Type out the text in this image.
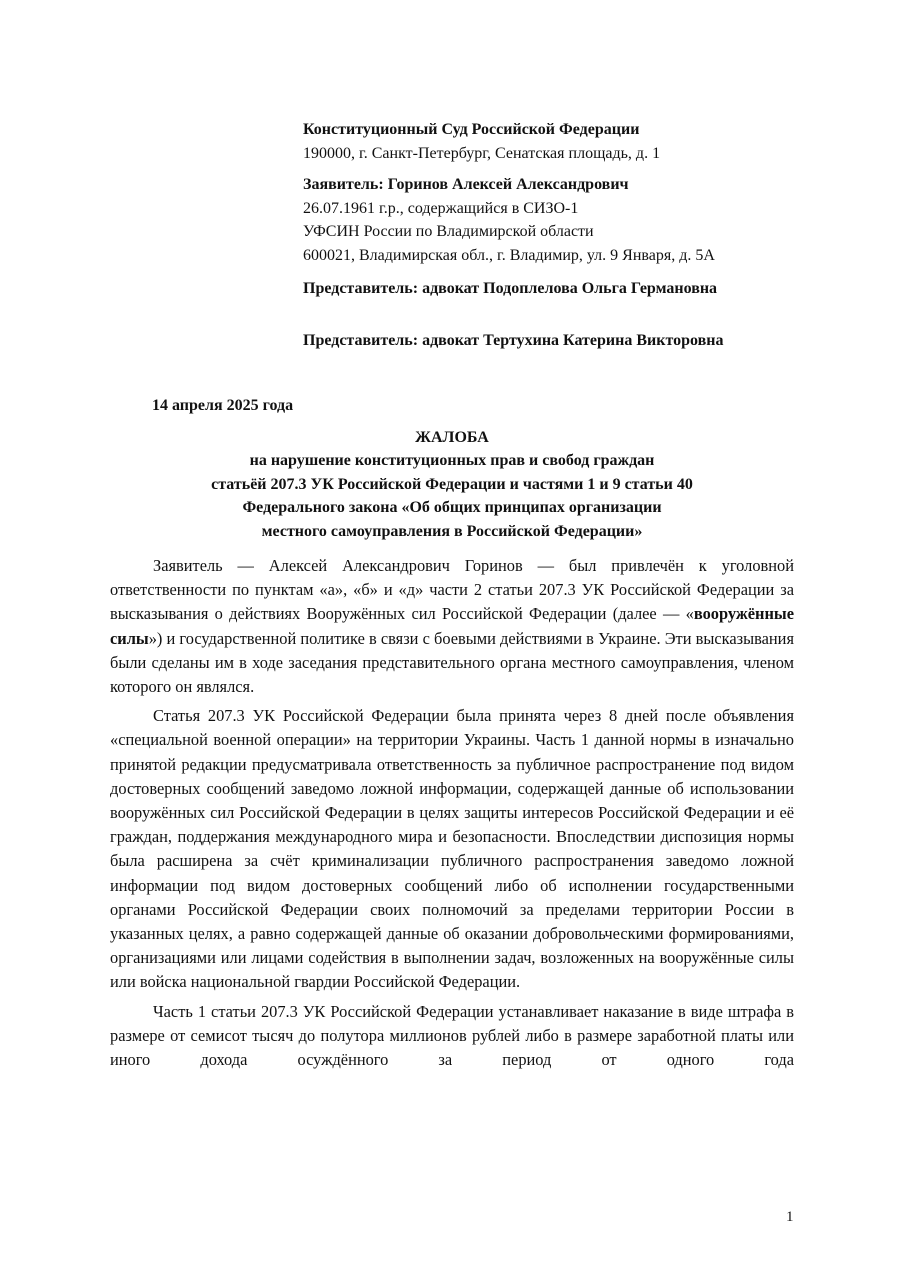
Конституционный Суд Российской Федерации
190000, г. Санкт-Петербург, Сенатская площадь, д. 1
Заявитель: Горинов Алексей Александрович
26.07.1961 г.р., содержащийся в СИЗО-1
УФСИН России по Владимирской области
600021, Владимирская обл., г. Владимир, ул. 9 Января, д. 5А
Представитель: адвокат Подоплелова Ольга Германовна
Представитель: адвокат Тертухина Катерина Викторовна
14 апреля 2025 года
ЖАЛОБА
на нарушение конституционных прав и свобод граждан
статьёй 207.3 УК Российской Федерации и частями 1 и 9 статьи 40
Федерального закона «Об общих принципах организации
местного самоуправления в Российской Федерации»

Заявитель — Алексей Александрович Горинов — был привлечён к уголовной ответственности по пунктам «а», «б» и «д» части 2 статьи 207.3 УК Российской Федерации за высказывания о действиях Вооружённых сил Российской Федерации (далее — «вооружённые силы») и государственной политике в связи с боевыми действиями в Украине. Эти высказывания были сделаны им в ходе заседания представительного органа местного самоуправления, членом которого он являлся.

Статья 207.3 УК Российской Федерации была принята через 8 дней после объявления «специальной военной операции» на территории Украины. Часть 1 данной нормы в изначально принятой редакции предусматривала ответственность за публичное распространение под видом достоверных сообщений заведомо ложной информации, содержащей данные об использовании вооружённых сил Российской Федерации в целях защиты интересов Российской Федерации и её граждан, поддержания международного мира и безопасности. Впоследствии диспозиция нормы была расширена за счёт криминализации публичного распространения заведомо ложной информации под видом достоверных сообщений либо об исполнении государственными органами Российской Федерации своих полномочий за пределами территории России в указанных целях, а равно содержащей данные об оказании добровольческими формированиями, организациями или лицами содействия в выполнении задач, возложенных на вооружённые силы или войска национальной гвардии Российской Федерации.

Часть 1 статьи 207.3 УК Российской Федерации устанавливает наказание в виде штрафа в размере от семисот тысяч до полутора миллионов рублей либо в размере заработной платы или иного дохода осуждённого за период от одного года

1
